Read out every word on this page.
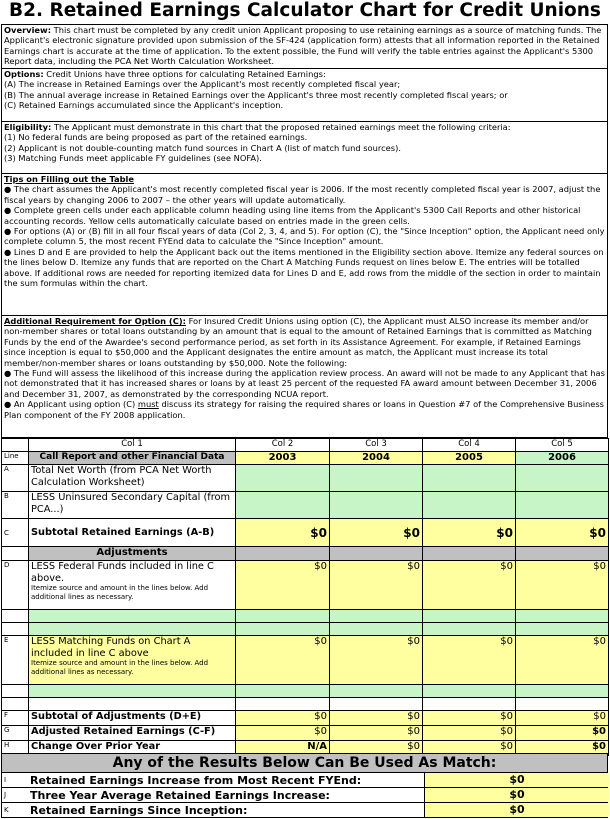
B2. Retained Earnings Calculator Chart for Credit Unions
Overview: This chart must be completed by any credit union Applicant proposing to use retaining earnings as a source of matching funds. The Applicant's electronic signature provided upon submission of the SF-424 (application form) attests that all information reported in the Retained Earnings chart is accurate at the time of application. To the extent possible, the Fund will verify the table entries against the Applicant's 5300 Report data, including the PCA Net Worth Calculation Worksheet.
Options: Credit Unions have three options for calculating Retained Earnings:
(A) The increase in Retained Earnings over the Applicant's most recently completed fiscal year;
(B) The annual average increase in Retained Earnings over the Applicant's three most recently completed fiscal years; or
(C) Retained Earnings accumulated since the Applicant's inception.
Eligibility: The Applicant must demonstrate in this chart that the proposed retained earnings meet the following criteria:
(1) No federal funds are being proposed as part of the retained earnings.
(2) Applicant is not double-counting match fund sources in Chart A (list of match fund sources).
(3) Matching Funds meet applicable FY guidelines (see NOFA).
Tips on Filling out the Table
● The chart assumes the Applicant's most recently completed fiscal year is 2006. If the most recently completed fiscal year is 2007, adjust the fiscal years by changing 2006 to 2007 – the other years will update automatically.
● Complete green cells under each applicable column heading using line items from the Applicant's 5300 Call Reports and other historical accounting records. Yellow cells automatically calculate based on entries made in the green cells.
● For options (A) or (B) fill in all four fiscal years of data (Col 2, 3, 4, and 5). For option (C), the "Since Inception" option, the Applicant need only complete column 5, the most recent FYEnd data to calculate the "Since Inception" amount.
● Lines D and E are provided to help the Applicant back out the items mentioned in the Eligibility section above. Itemize any federal sources on the lines below D. Itemize any funds that are reported on the Chart A Matching Funds request on lines below E. The entries will be totalled above. If additional rows are needed for reporting itemized data for Lines D and E, add rows from the middle of the section in order to maintain the sum formulas within the chart.
Additional Requirement for Option (C): For Insured Credit Unions using option (C), the Applicant must ALSO increase its member and/or non-member shares or total loans outstanding by an amount that is equal to the amount of Retained Earnings that is committed as Matching Funds by the end of the Awardee's second performance period, as set forth in its Assistance Agreement. For example, if Retained Earnings since inception is equal to $50,000 and the Applicant designates the entire amount as match, the Applicant must increase its total member/non-member shares or loans outstanding by $50,000. Note the following:
● The Fund will assess the likelihood of this increase during the application review process. An award will not be made to any Applicant that has not demonstrated that it has increased shares or loans by at least 25 percent of the requested FA award amount between December 31, 2006 and December 31, 2007, as demonstrated by the corresponding NCUA report.
● An Applicant using option (C) must discuss its strategy for raising the required shares or loans in Question #7 of the Comprehensive Business Plan component of the FY 2008 application.
	Col 1	Col 2	Col 3	Col 4	Col 5
Line	Call Report and other Financial Data	2003	2004	2005	2006
A	Total Net Worth (from PCA Net Worth Calculation Worksheet)				
B	LESS Uninsured Secondary Capital (from PCA...)				
C	Subtotal Retained Earnings (A-B)	$0	$0	$0	$0
	Adjustments				
D	LESS Federal Funds included in line C above.
Itemize source and amount in the lines below. Add additional lines as necessary.	$0	$0	$0	$0

E	LESS Matching Funds on Chart A included in line C above
Itemize source and amount in the lines below. Add additional lines as necessary.	$0	$0	$0	$0

F	Subtotal of Adjustments (D+E)	$0	$0	$0	$0
G	Adjusted Retained Earnings (C-F)	$0	$0	$0	$0
H	Change Over Prior Year	N/A	$0	$0	$0
Any of the Results Below Can Be Used As Match:
I Retained Earnings Increase from Most Recent FYEnd:	$0
J Three Year Average Retained Earnings Increase:	$0
K Retained Earnings Since Inception:	$0
